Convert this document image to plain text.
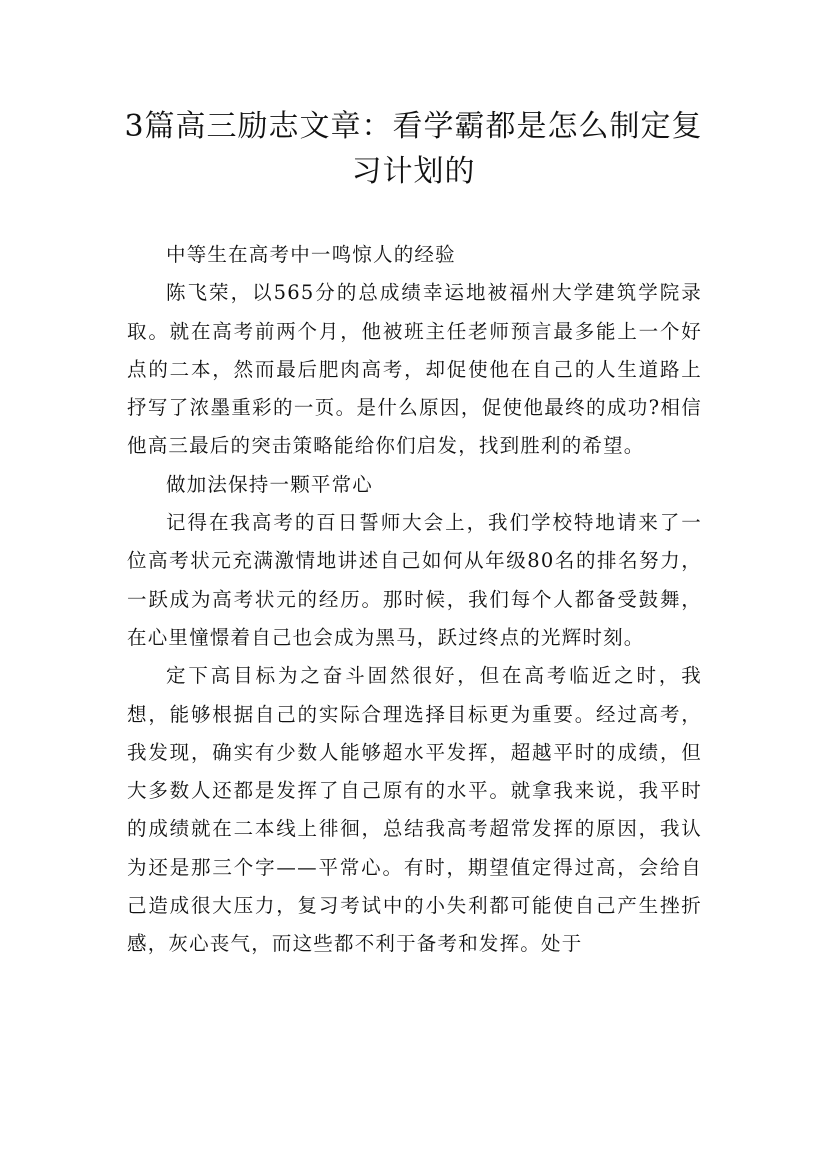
3篇高三励志文章：看学霸都是怎么制定复习计划的

中等生在高考中一鸣惊人的经验

陈飞荣，以565分的总成绩幸运地被福州大学建筑学院录取。就在高考前两个月，他被班主任老师预言最多能上一个好点的二本，然而最后肥肉高考，却促使他在自己的人生道路上抒写了浓墨重彩的一页。是什么原因，促使他最终的成功?相信他高三最后的突击策略能给你们启发，找到胜利的希望。

做加法保持一颗平常心

记得在我高考的百日誓师大会上，我们学校特地请来了一位高考状元充满激情地讲述自己如何从年级80名的排名努力，一跃成为高考状元的经历。那时候，我们每个人都备受鼓舞，在心里憧憬着自己也会成为黑马，跃过终点的光辉时刻。

定下高目标为之奋斗固然很好，但在高考临近之时，我想，能够根据自己的实际合理选择目标更为重要。经过高考，我发现，确实有少数人能够超水平发挥，超越平时的成绩，但大多数人还都是发挥了自己原有的水平。就拿我来说，我平时的成绩就在二本线上徘徊，总结我高考超常发挥的原因，我认为还是那三个字——平常心。有时，期望值定得过高，会给自己造成很大压力，复习考试中的小失利都可能使自己产生挫折感，灰心丧气，而这些都不利于备考和发挥。处于
